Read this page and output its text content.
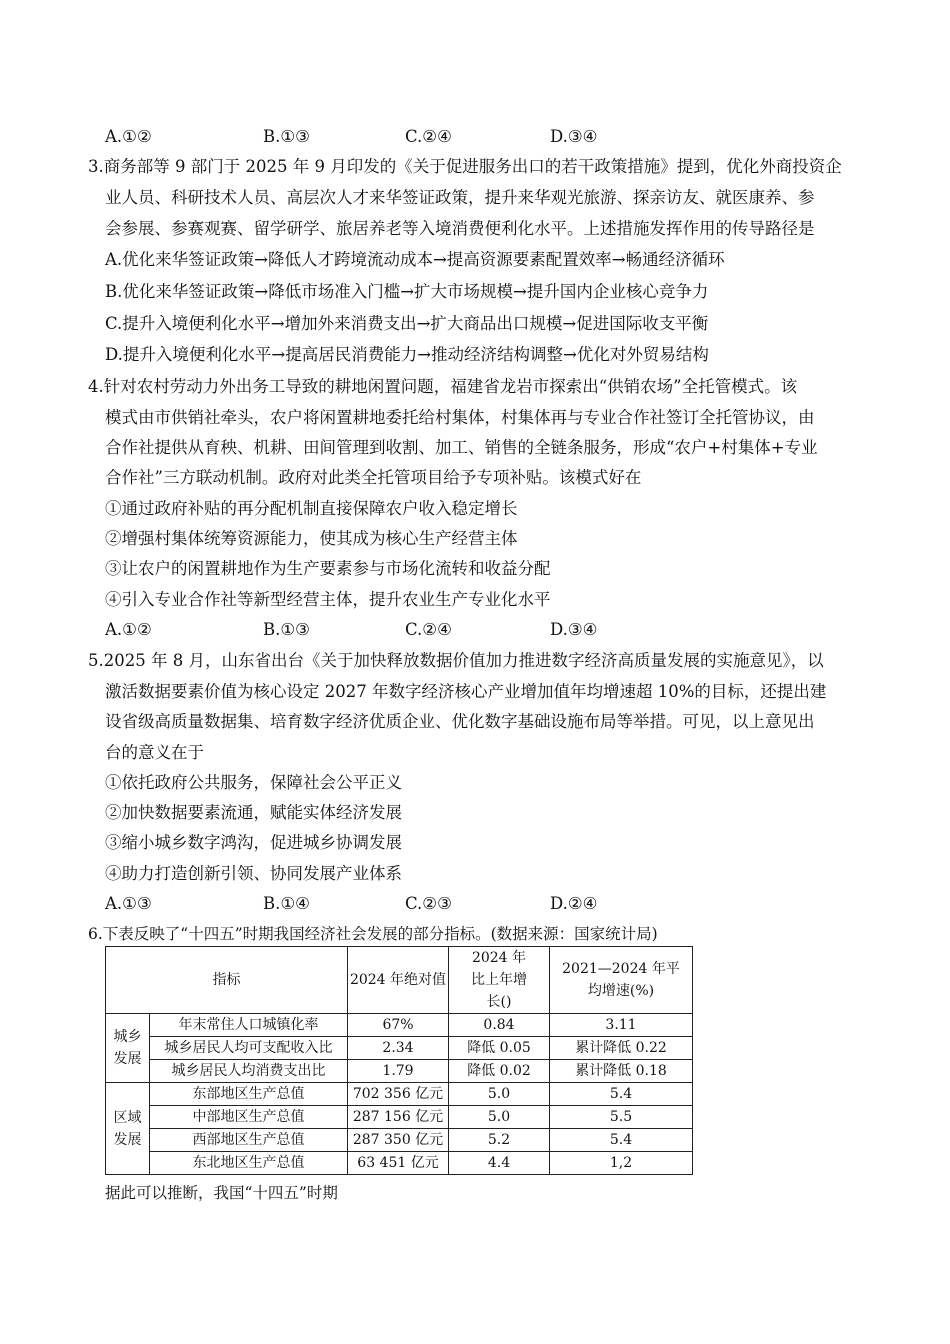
A.①②	B.①③	C.②④	D.③④
3.商务部等 9 部门于 2025 年 9 月印发的《关于促进服务出口的若干政策措施》提到，优化外商投资企
业人员、科研技术人员、高层次人才来华签证政策，提升来华观光旅游、探亲访友、就医康养、参
会参展、参赛观赛、留学研学、旅居养老等入境消费便利化水平。上述措施发挥作用的传导路径是
A.优化来华签证政策→降低人才跨境流动成本→提高资源要素配置效率→畅通经济循环
B.优化来华签证政策→降低市场准入门槛→扩大市场规模→提升国内企业核心竞争力
C.提升入境便利化水平→增加外来消费支出→扩大商品出口规模→促进国际收支平衡
D.提升入境便利化水平→提高居民消费能力→推动经济结构调整→优化对外贸易结构
4.针对农村劳动力外出务工导致的耕地闲置问题，福建省龙岩市探索出“供销农场”全托管模式。该
模式由市供销社牵头，农户将闲置耕地委托给村集体，村集体再与专业合作社签订全托管协议，由
合作社提供从育秧、机耕、田间管理到收割、加工、销售的全链条服务，形成“农户+村集体+专业
合作社”三方联动机制。政府对此类全托管项目给予专项补贴。该模式好在
①通过政府补贴的再分配机制直接保障农户收入稳定增长
②增强村集体统筹资源能力，使其成为核心生产经营主体
③让农户的闲置耕地作为生产要素参与市场化流转和收益分配
④引入专业合作社等新型经营主体，提升农业生产专业化水平
A.①②	B.①③	C.②④	D.③④
5.2025 年 8 月，山东省出台《关于加快释放数据价值加力推进数字经济高质量发展的实施意见》，以
激活数据要素价值为核心设定 2027 年数字经济核心产业增加值年均增速超 10%的目标，还提出建
设省级高质量数据集、培育数字经济优质企业、优化数字基础设施布局等举措。可见，以上意见出
台的意义在于
①依托政府公共服务，保障社会公平正义
②加快数据要素流通，赋能实体经济发展
③缩小城乡数字鸿沟，促进城乡协调发展
④助力打造创新引领、协同发展产业体系
A.①③	B.①④	C.②③	D.②④
6.下表反映了“十四五”时期我国经济社会发展的部分指标。(数据来源：国家统计局)
指标		2024 年绝对值	2024 年比上年增长()	2021—2024 年平均增速(%)
城乡发展	年末常住人口城镇化率	67%	0.84	3.11
	城乡居民人均可支配收入比	2.34	降低 0.05	累计降低 0.22
	城乡居民人均消费支出比	1.79	降低 0.02	累计降低 0.18
区域发展	东部地区生产总值	702 356 亿元	5.0	5.4
	中部地区生产总值	287 156 亿元	5.0	5.5
	西部地区生产总值	287 350 亿元	5.2	5.4
	东北地区生产总值	63 451 亿元	4.4	1,2
据此可以推断，我国“十四五”时期
